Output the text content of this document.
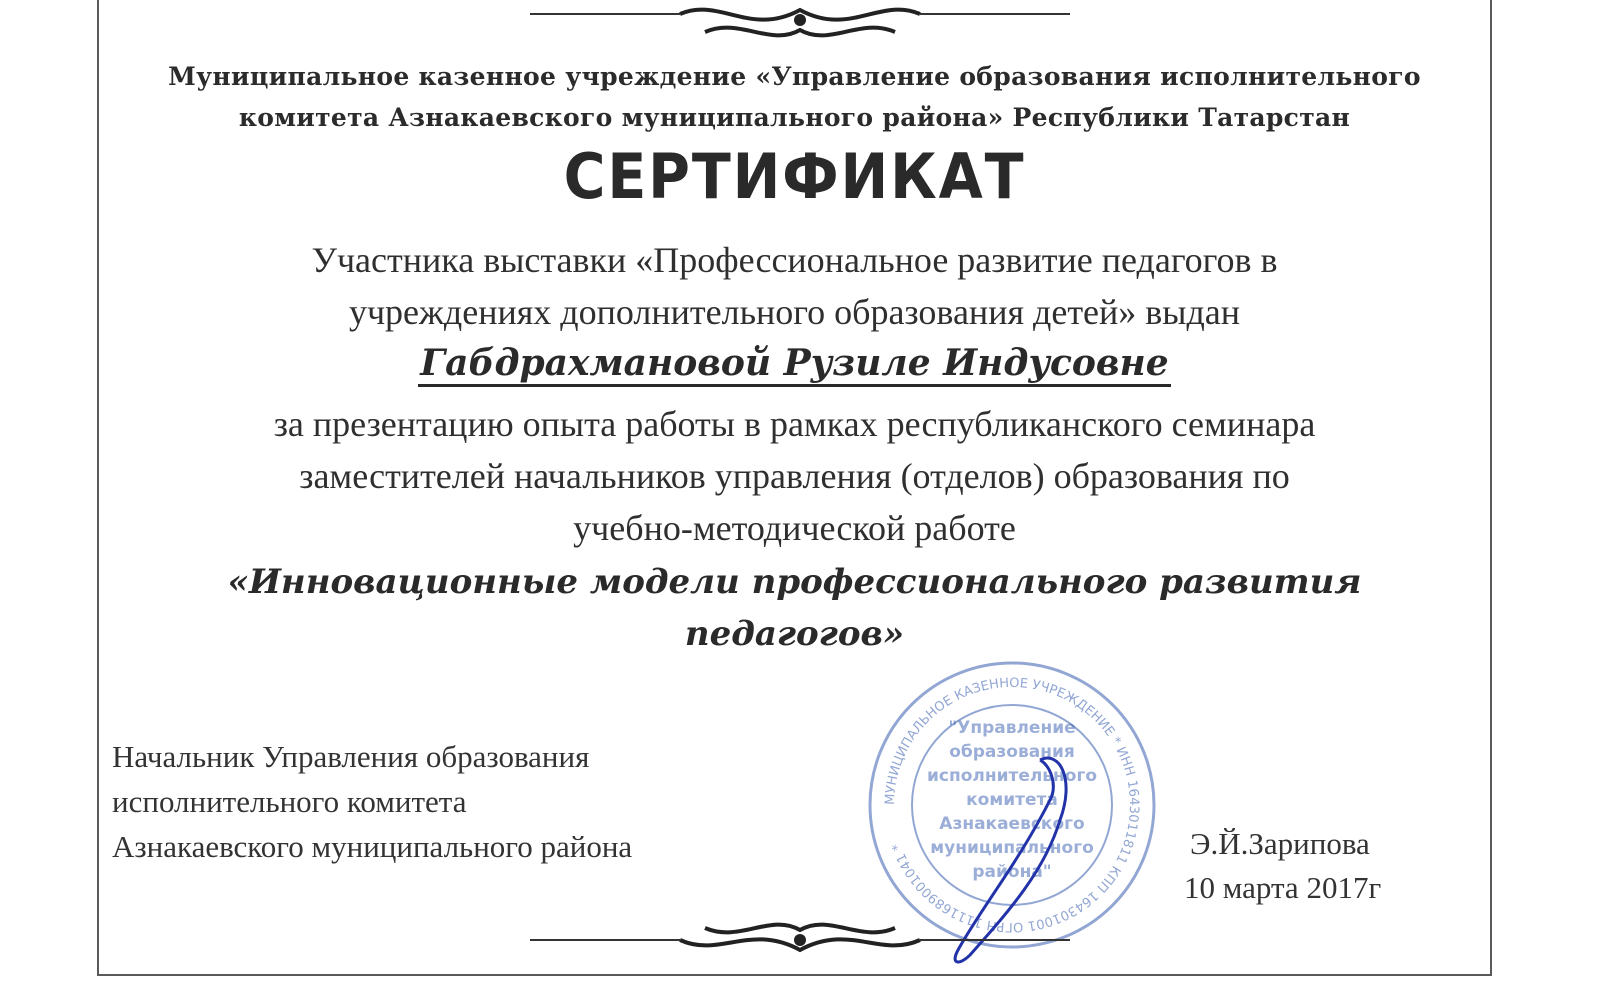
Муниципальное казенное учреждение «Управление образования исполнительного
комитета Азнакаевского муниципального района» Республики Татарстан
СЕРТИФИКАТ
Участника выставки «Профессиональное развитие педагогов в
учреждениях дополнительного образования детей» выдан
Габдрахмановой Рузиле Индусовне
за презентацию опыта работы в рамках республиканского семинара
заместителей начальников управления (отделов) образования по
учебно-методической работе
«Инновационные модели профессионального развития
педагогов»
Начальник Управления образования
исполнительного комитета
Азнакаевского муниципального района
МУНИЦИПАЛЬНОЕ КАЗЕННОЕ УЧРЕЖДЕНИЕ * ИНН 1643011811 КПП 164301001 ОГРН 1111689001041 *
"Управление
образования
исполнительного
комитета
Азнакаевского
муниципального
района"
Э.Й.Зарипова
10 марта 2017г
